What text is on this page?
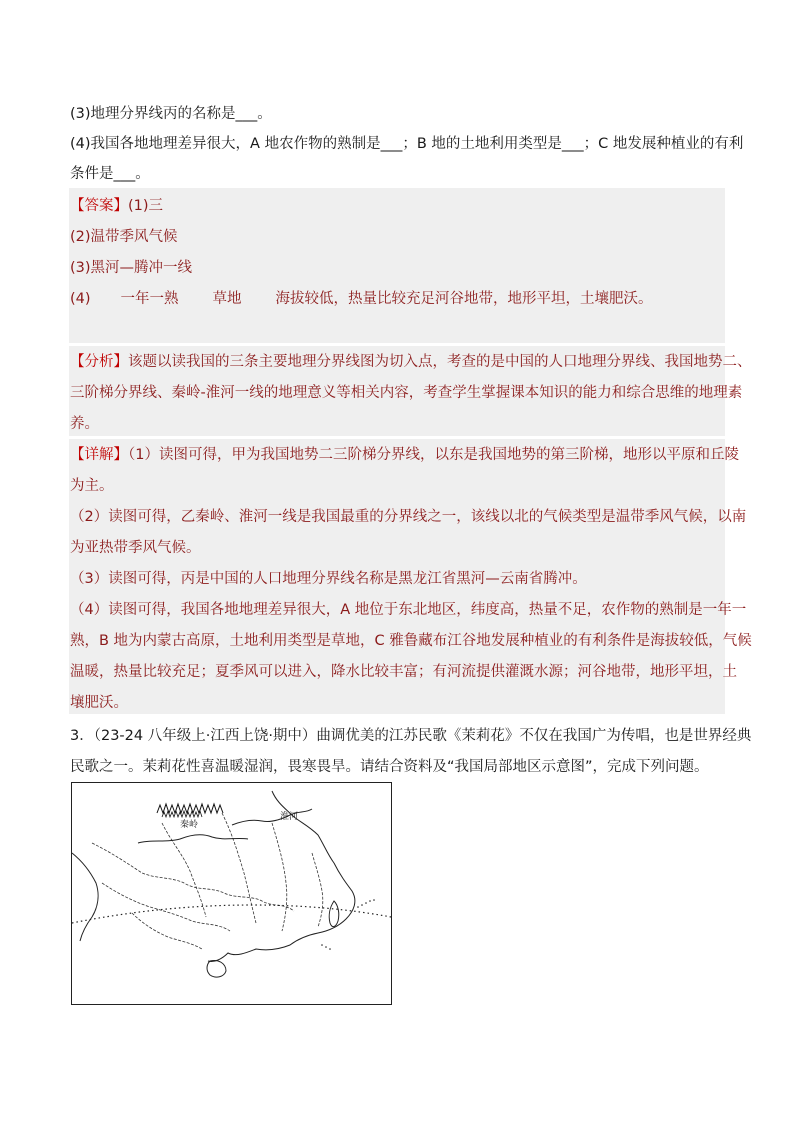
(3)地理分界线丙的名称是___。
(4)我国各地地理差异很大，A 地农作物的熟制是___；B 地的土地利用类型是___；C 地发展种植业的有利
条件是___。
【答案】(1)三
(2)温带季风气候
(3)黑河—腾冲一线
(4) 一年一熟 草地 海拔较低，热量比较充足河谷地带，地形平坦，土壤肥沃。
【分析】该题以读我国的三条主要地理分界线图为切入点，考查的是中国的人口地理分界线、我国地势二、
三阶梯分界线、秦岭-淮河一线的地理意义等相关内容，考查学生掌握课本知识的能力和综合思维的地理素
养。
【详解】（1）读图可得，甲为我国地势二三阶梯分界线，以东是我国地势的第三阶梯，地形以平原和丘陵
为主。
（2）读图可得，乙秦岭、淮河一线是我国最重的分界线之一，该线以北的气候类型是温带季风气候，以南
为亚热带季风气候。
（3）读图可得，丙是中国的人口地理分界线名称是黑龙江省黑河—云南省腾冲。
（4）读图可得，我国各地地理差异很大，A 地位于东北地区，纬度高，热量不足，农作物的熟制是一年一
熟，B 地为内蒙古高原，土地利用类型是草地，C 雅鲁藏布江谷地发展种植业的有利条件是海拔较低，气候
温暖，热量比较充足；夏季风可以进入，降水比较丰富；有河流提供灌溉水源；河谷地带，地形平坦，土
壤肥沃。
3．（23-24 八年级上·江西上饶·期中）曲调优美的江苏民歌《茉莉花》不仅在我国广为传唱，也是世界经典
民歌之一。茉莉花性喜温暖湿润，畏寒畏旱。请结合资料及“我国局部地区示意图”，完成下列问题。
秦岭
淮河
